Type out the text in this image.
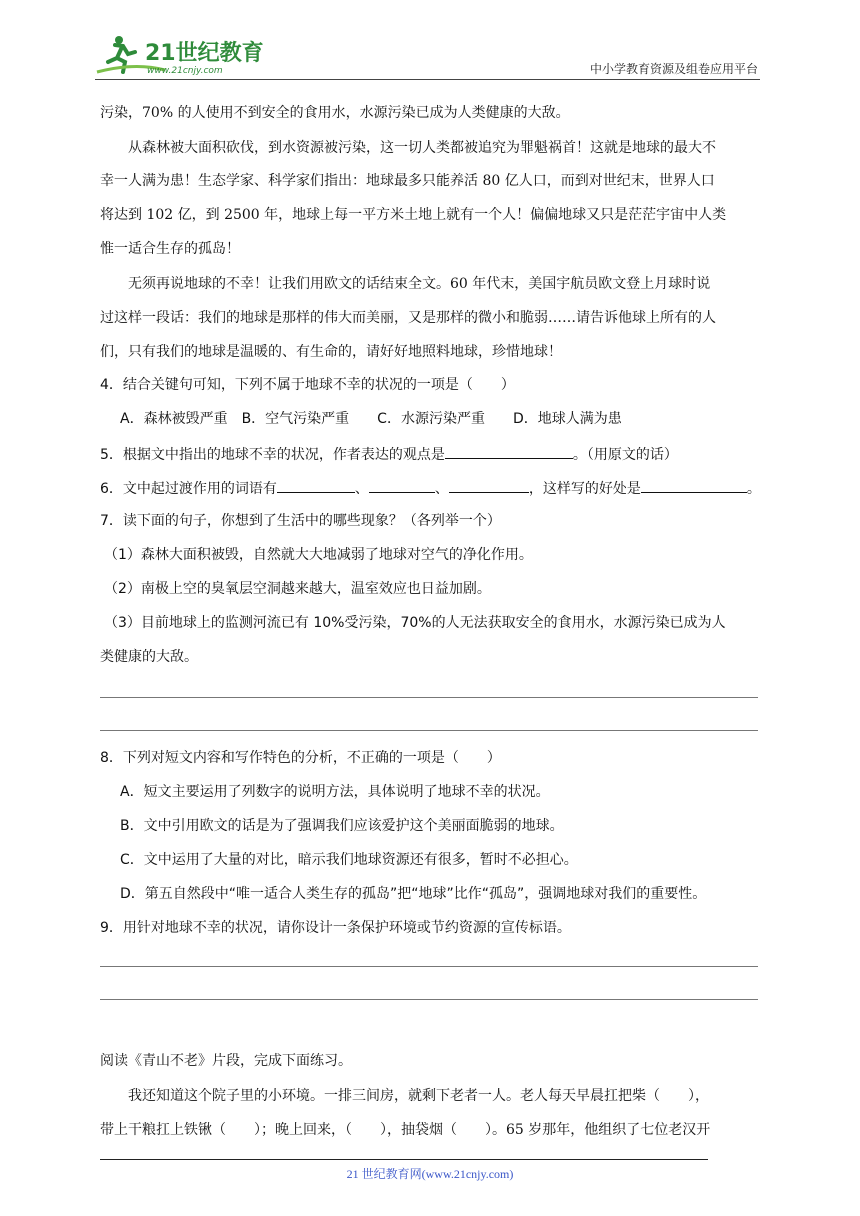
21世纪教育
www.21cnjy.com	中小学教育资源及组卷应用平台
污染，70% 的人使用不到安全的食用水，水源污染已成为人类健康的大敌。
从森林被大面积砍伐，到水资源被污染，这一切人类都被追究为罪魁祸首！这就是地球的最大不
幸一人满为患！生态学家、科学家们指出：地球最多只能养活 80 亿人口，而到对世纪末，世界人口
将达到 102 亿，到 2500 年，地球上每一平方米土地上就有一个人！偏偏地球又只是茫茫宇宙中人类
惟一适合生存的孤岛！
无须再说地球的不幸！让我们用欧文的话结束全文。60 年代末，美国宇航员欧文登上月球时说
过这样一段话：我们的地球是那样的伟大而美丽，又是那样的微小和脆弱……请告诉他球上所有的人
们，只有我们的地球是温暖的、有生命的，请好好地照料地球，珍惜地球！
4．结合关键句可知，下列不属于地球不幸的状况的一项是（　　）
A．森林被毁严重　B．空气污染严重　　C．水源污染严重　　D．地球人满为患
5．根据文中指出的地球不幸的状况，作者表达的观点是	。（用原文的话）
6．文中起过渡作用的词语有	、	、	，这样写的好处是	。
7．读下面的句子，你想到了生活中的哪些现象？（各列举一个）
（1）森林大面积被毁，自然就大大地减弱了地球对空气的净化作用。
（2）南极上空的臭氧层空洞越来越大，温室效应也日益加剧。
（3）目前地球上的监测河流已有 10%受污染，70%的人无法获取安全的食用水，水源污染已成为人
类健康的大敌。
8．下列对短文内容和写作特色的分析，不正确的一项是（　　）
A．短文主要运用了列数字的说明方法，具体说明了地球不幸的状况。
B．文中引用欧文的话是为了强调我们应该爱护这个美丽面脆弱的地球。
C．文中运用了大量的对比，暗示我们地球资源还有很多，暂时不必担心。
D．第五自然段中“唯一适合人类生存的孤岛”把“地球”比作“孤岛”，强调地球对我们的重要性。
9．用针对地球不幸的状况，请你设计一条保护环境或节约资源的宣传标语。
阅读《青山不老》片段，完成下面练习。
我还知道这个院子里的小环境。一排三间房，就剩下老者一人。老人每天早晨扛把柴（　　），
带上干粮扛上铁锹（　　）；晚上回来，（　　），抽袋烟（　　）。65 岁那年，他组织了七位老汉开
21 世纪教育网(www.21cnjy.com)
